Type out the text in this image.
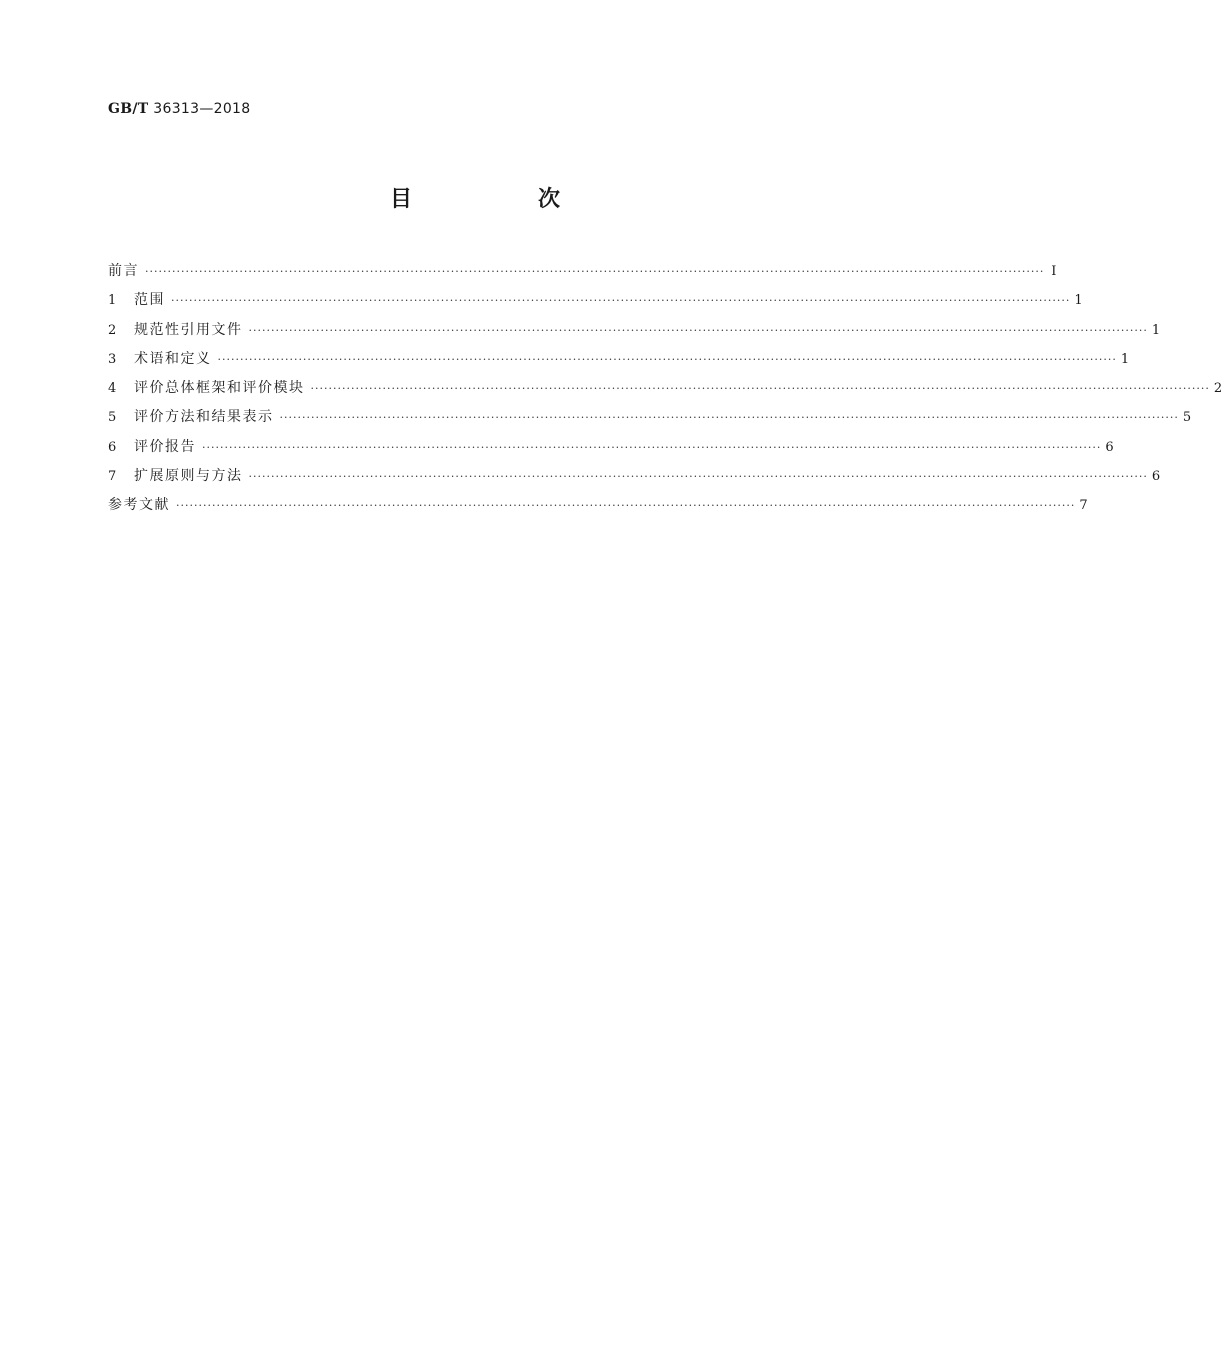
GB/T 36313—2018
目　次
前言 ········································································································································································································ Ⅰ
1	范围 ········································································································································································································ 1
2	规范性引用文件 ········································································································································································································ 1
3	术语和定义 ········································································································································································································ 1
4	评价总体框架和评价模块 ········································································································································································································ 2
5	评价方法和结果表示 ········································································································································································································ 5
6	评价报告 ········································································································································································································ 6
7	扩展原则与方法 ········································································································································································································ 6
参考文献 ········································································································································································································ 7
